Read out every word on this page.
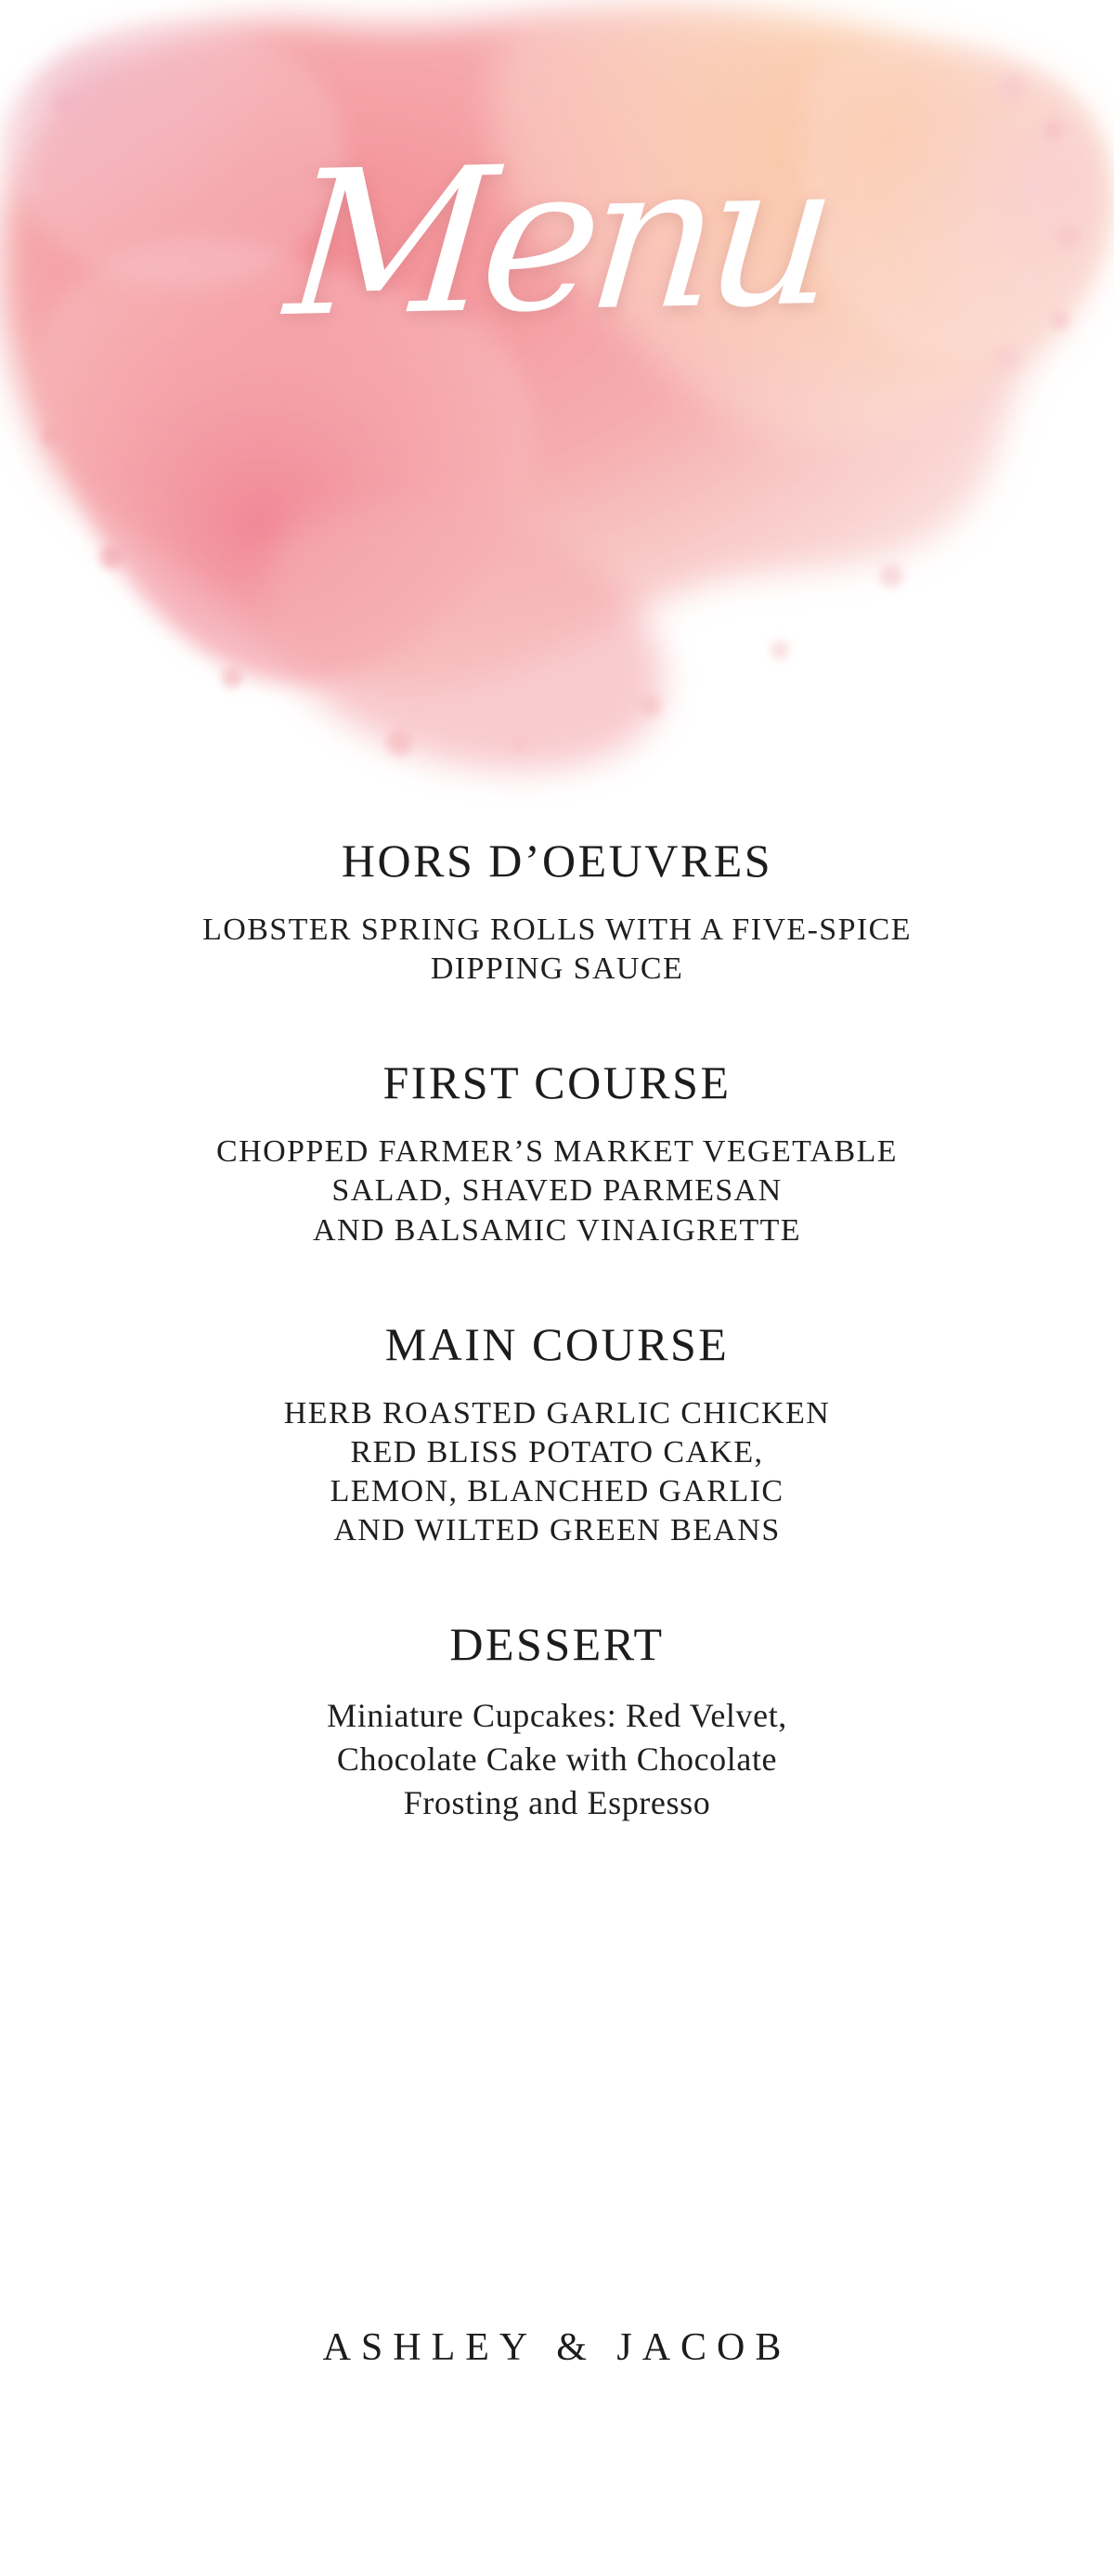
Menu
HORS D’OEUVRES

LOBSTER SPRING ROLLS WITH A FIVE-SPICE
DIPPING SAUCE

FIRST COURSE

CHOPPED FARMER’S MARKET VEGETABLE
SALAD, SHAVED PARMESAN
AND BALSAMIC VINAIGRETTE

MAIN COURSE

HERB ROASTED GARLIC CHICKEN
RED BLISS POTATO CAKE,
LEMON, BLANCHED GARLIC
AND WILTED GREEN BEANS

DESSERT

Miniature Cupcakes: Red Velvet,
Chocolate Cake with Chocolate
Frosting and Espresso

ASHLEY & JACOB
